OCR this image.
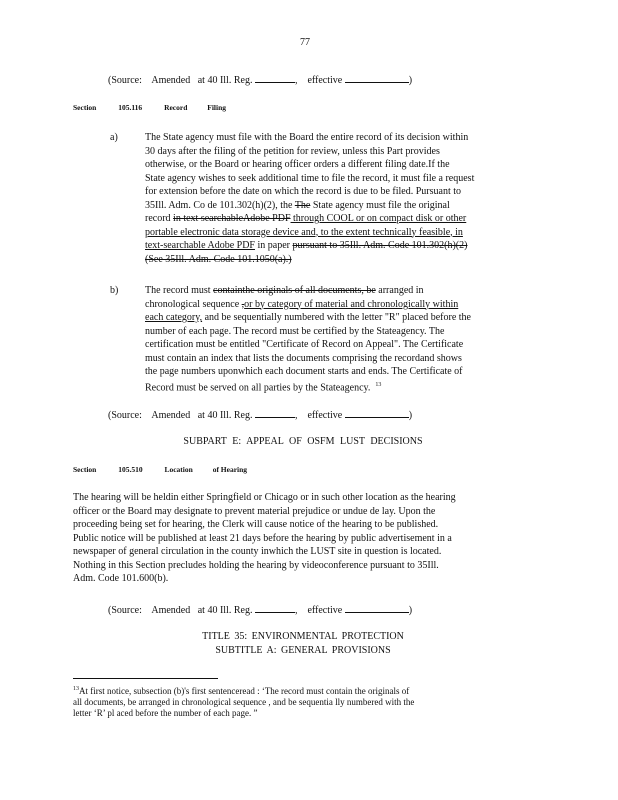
77
(Source: Amended at 40 Ill. Reg.	, effective	)
Section	105.116	Record	Filing
a)	The State agency must file with the Board the entire record of its decision within
30 days after the filing of the petition for review, unless this Part provides
otherwise, or the Board or hearing officer orders a different filing date.If the
State agency wishes to seek additional time to file the record, it must file a request
for extension before the date on which the record is due to be filed. Pursuant to
35Ill. Adm. Co de 101.302(h)(2), the The State agency must file the original
record in text searchableAdobe PDF through COOL or on compact disk or other
portable electronic data storage device and, to the extent technically feasible, in
text-searchable Adobe PDF in paper pursuant to 35Ill. Adm. Code 101.302(h)(2)
(See 35Ill. Adm. Code 101.1050(a).)
b)	The record must containthe originals of all documents, be arranged in
chronological sequence ,or by category of material and chronologically within
each category, and be sequentially numbered with the letter "R" placed before the
number of each page. The record must be certified by the Stateagency. The
certification must be entitled "Certificate of Record on Appeal". The Certificate
must contain an index that lists the documents comprising the recordand shows
the page numbers uponwhich each document starts and ends. The Certificate of
Record must be served on all parties by the Stateagency. $^{13}$
(Source: Amended at 40 Ill. Reg.	, effective	)
SUBPART E: APPEAL OF OSFM LUST DECISIONS
Section	105.510	Location	of Hearing
The hearing will be heldin either Springfield or Chicago or in such other location as the hearing
officer or the Board may designate to prevent material prejudice or undue de lay. Upon the
proceeding being set for hearing, the Clerk will cause notice of the hearing to be published.
Public notice will be published at least 21 days before the hearing by public advertisement in a
newspaper of general circulation in the county inwhich the LUST site in question is located.
Nothing in this Section precludes holding the hearing by videoconference pursuant to 35Ill.
Adm. Code 101.600(b).
(Source: Amended at 40 Ill. Reg.	, effective	)
TITLE 35: ENVIRONMENTAL PROTECTION
SUBTITLE A: GENERAL PROVISIONS
$^{13}$At first notice, subsection (b)'s first sentenceread : ‘The record must contain the originals of
all documents, be arranged in chronological sequence , and be sequentia lly numbered with the
letter ‘R’ pl aced before the number of each page. ”
